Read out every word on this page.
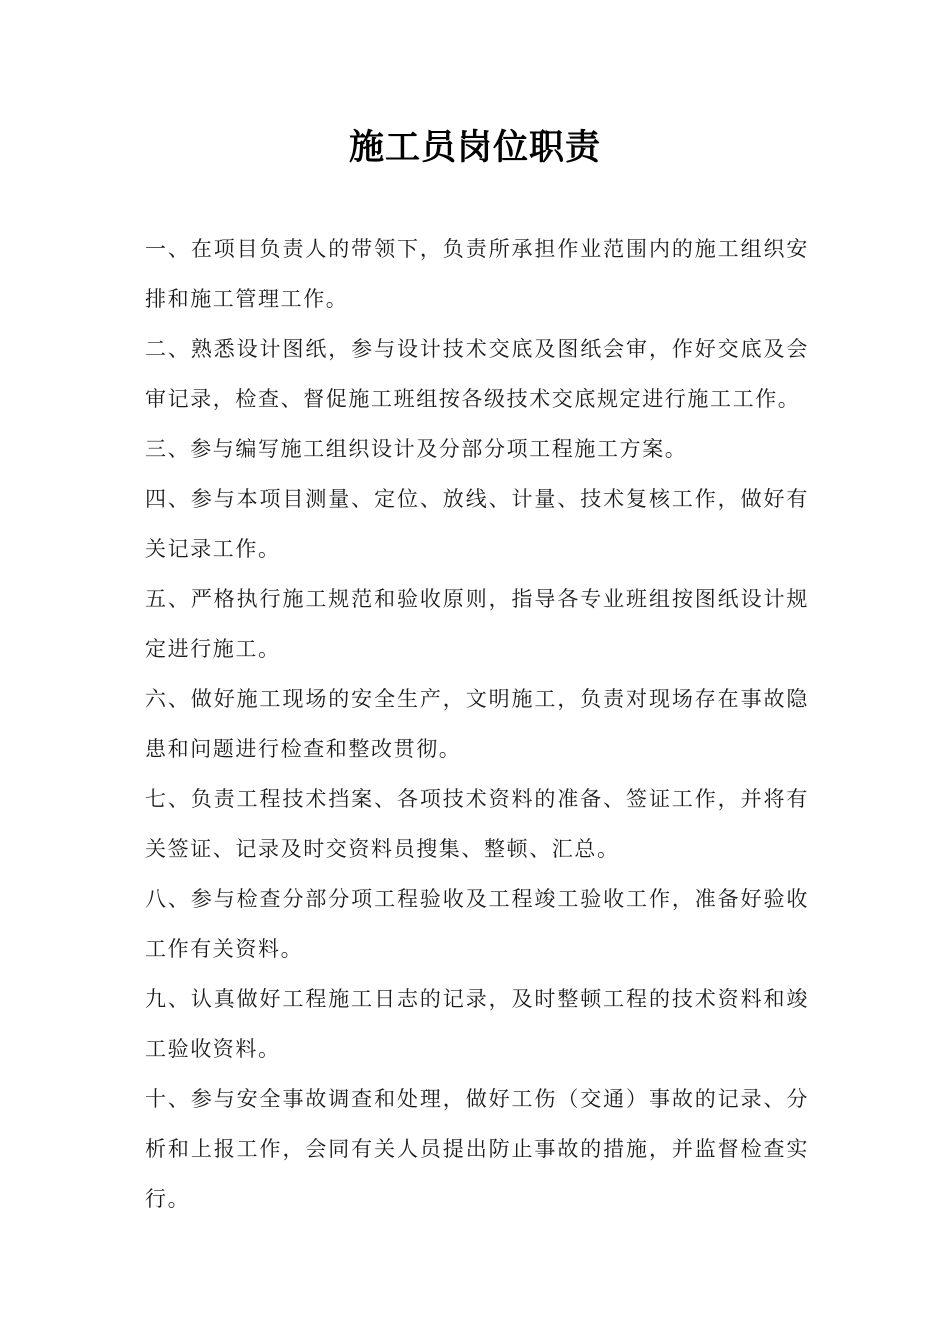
施工员岗位职责

一、在项目负责人的带领下，负责所承担作业范围内的施工组织安排和施工管理工作。

二、熟悉设计图纸，参与设计技术交底及图纸会审，作好交底及会审记录，检查、督促施工班组按各级技术交底规定进行施工工作。

三、参与编写施工组织设计及分部分项工程施工方案。

四、参与本项目测量、定位、放线、计量、技术复核工作，做好有关记录工作。

五、严格执行施工规范和验收原则，指导各专业班组按图纸设计规定进行施工。

六、做好施工现场的安全生产，文明施工，负责对现场存在事故隐患和问题进行检查和整改贯彻。

七、负责工程技术挡案、各项技术资料的准备、签证工作，并将有关签证、记录及时交资料员搜集、整顿、汇总。

八、参与检查分部分项工程验收及工程竣工验收工作，准备好验收工作有关资料。

九、认真做好工程施工日志的记录，及时整顿工程的技术资料和竣工验收资料。

十、参与安全事故调查和处理，做好工伤（交通）事故的记录、分析和上报工作，会同有关人员提出防止事故的措施，并监督检查实行。
